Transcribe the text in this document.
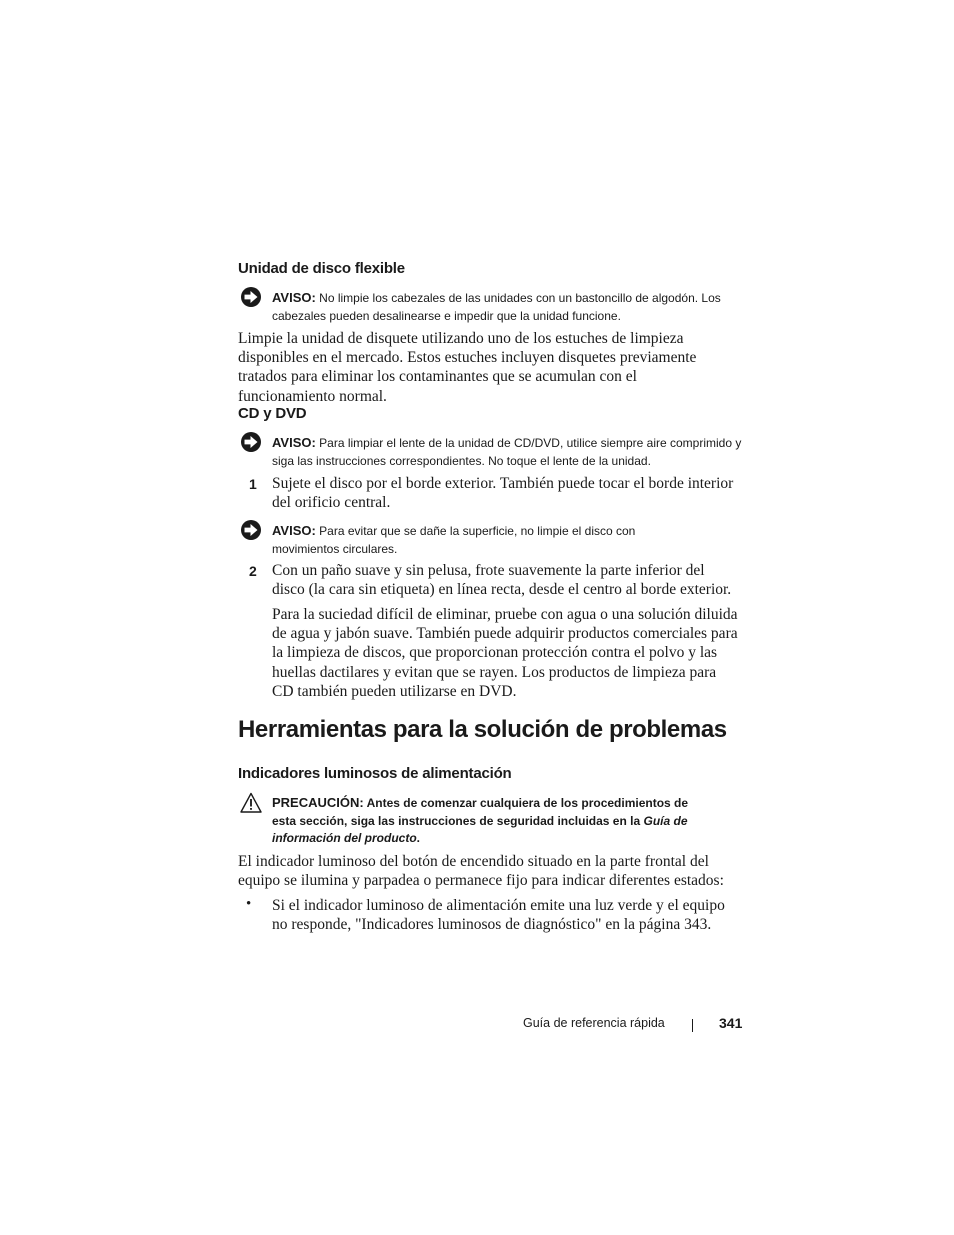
Unidad de disco flexible
AVISO: No limpie los cabezales de las unidades con un bastoncillo de algodón. Los cabezales pueden desalinearse e impedir que la unidad funcione.
Limpie la unidad de disquete utilizando uno de los estuches de limpieza disponibles en el mercado. Estos estuches incluyen disquetes previamente tratados para eliminar los contaminantes que se acumulan con el funcionamiento normal.
CD y DVD
AVISO: Para limpiar el lente de la unidad de CD/DVD, utilice siempre aire comprimido y siga las instrucciones correspondientes. No toque el lente de la unidad.
1 Sujete el disco por el borde exterior. También puede tocar el borde interior del orificio central.
AVISO: Para evitar que se dañe la superficie, no limpie el disco con movimientos circulares.
2 Con un paño suave y sin pelusa, frote suavemente la parte inferior del disco (la cara sin etiqueta) en línea recta, desde el centro al borde exterior.
Para la suciedad difícil de eliminar, pruebe con agua o una solución diluida de agua y jabón suave. También puede adquirir productos comerciales para la limpieza de discos, que proporcionan protección contra el polvo y las huellas dactilares y evitan que se rayen. Los productos de limpieza para CD también pueden utilizarse en DVD.
Herramientas para la solución de problemas
Indicadores luminosos de alimentación
PRECAUCIÓN: Antes de comenzar cualquiera de los procedimientos de esta sección, siga las instrucciones de seguridad incluidas en la Guía de información del producto.
El indicador luminoso del botón de encendido situado en la parte frontal del equipo se ilumina y parpadea o permanece fijo para indicar diferentes estados:
• Si el indicador luminoso de alimentación emite una luz verde y el equipo no responde, "Indicadores luminosos de diagnóstico" en la página 343.
Guía de referencia rápida	341
